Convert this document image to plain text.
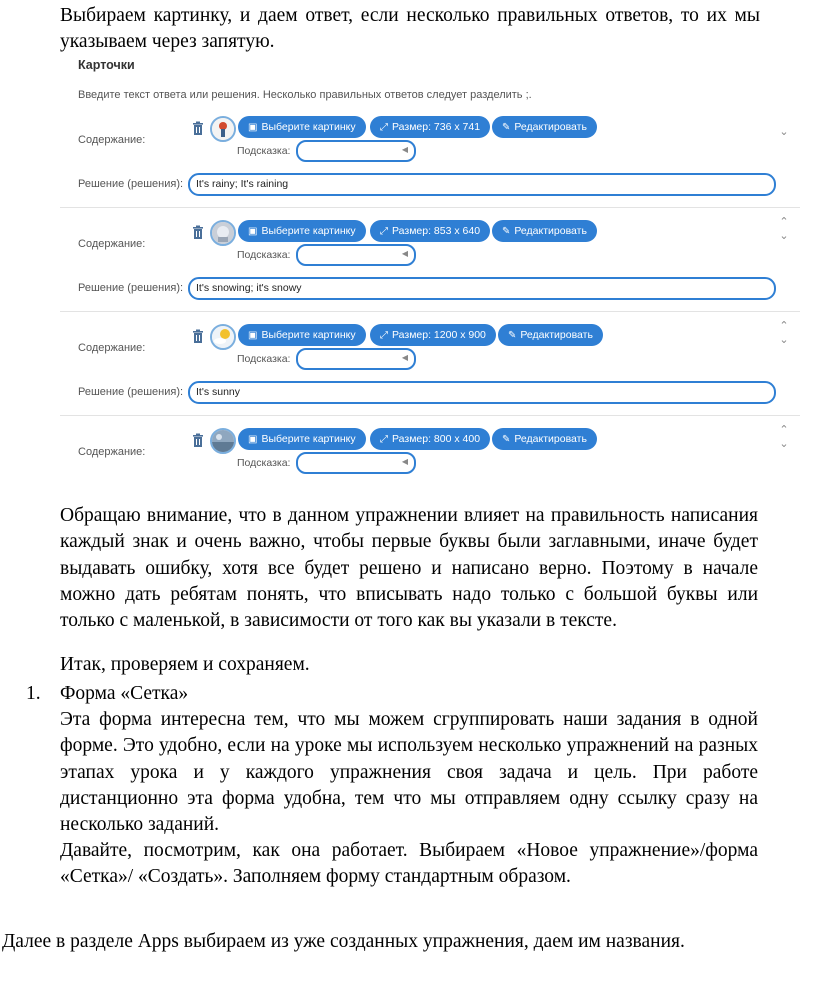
Выбираем картинку, и даем ответ, если несколько правильных ответов, то их мы указываем через запятую.

Карточки
Введите текст ответа или решения. Несколько правильных ответов следует разделить ;.
Содержание:
▣ Выберите картинку	⤢ Размер: 736 x 741	✎ Редактировать
Подсказка:	◀
Решение (решения):	It's rainy; It's raining
⌄
Содержание:
▣ Выберите картинку	⤢ Размер: 853 x 640	✎ Редактировать
Подсказка:	◀
Решение (решения):	It's snowing; it's snowy
⌃
⌄
Содержание:
▣ Выберите картинку	⤢ Размер: 1200 x 900	✎ Редактировать
Подсказка:	◀
Решение (решения):	It's sunny
⌃
⌄
Содержание:
▣ Выберите картинку	⤢ Размер: 800 x 400	✎ Редактировать
Подсказка:	◀
⌃
⌄

Обращаю внимание, что в данном упражнении влияет на правильность написания каждый знак и очень важно, чтобы первые буквы были заглавными, иначе будет выдавать ошибку, хотя все будет решено и написано верно. Поэтому в начале можно дать ребятам понять, что вписывать надо только с большой буквы или только с маленькой, в зависимости от того как вы указали в тексте.

Итак, проверяем и сохраняем.

1. Форма «Сетка»

Эта форма интересна тем, что мы можем сгруппировать наши задания в одной форме. Это удобно, если на уроке мы используем несколько упражнений на разных этапах урока и у каждого упражнения своя задача и цель. При работе дистанционно эта форма удобна, тем что мы отправляем одну ссылку сразу на несколько заданий.

Давайте, посмотрим, как она работает. Выбираем «Новое упражнение»/форма «Сетка»/ «Создать». Заполняем форму стандартным образом.

Далее в разделе Apps выбираем из уже созданных упражнения, даем им названия.
